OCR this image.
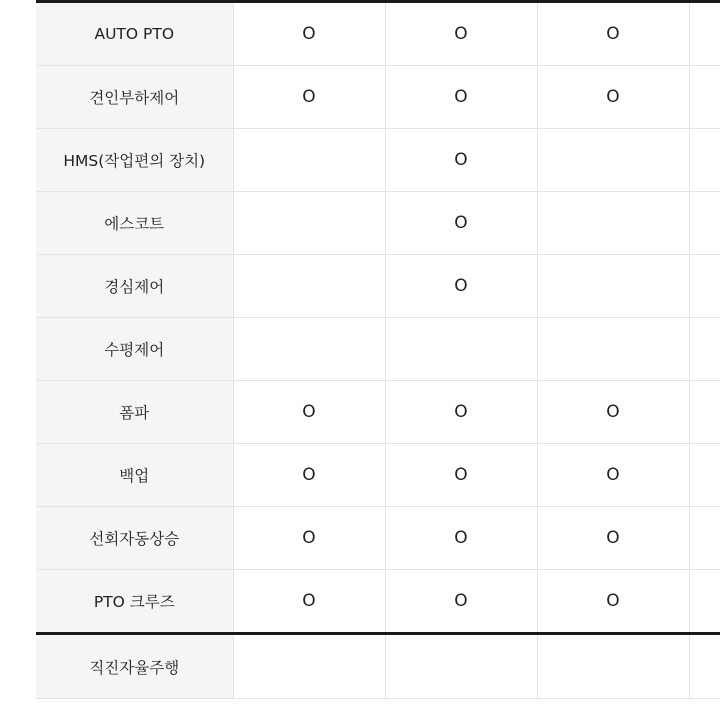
AUTO PTO	O	O	O	
견인부하제어	O	O	O	
HMS(작업편의 장치)		O		
에스코트		O		
경심제어		O		
수평제어				
폼파	O	O	O	
백업	O	O	O	
선회자동상승	O	O	O	
PTO 크루즈	O	O	O	
직진자율주행				
